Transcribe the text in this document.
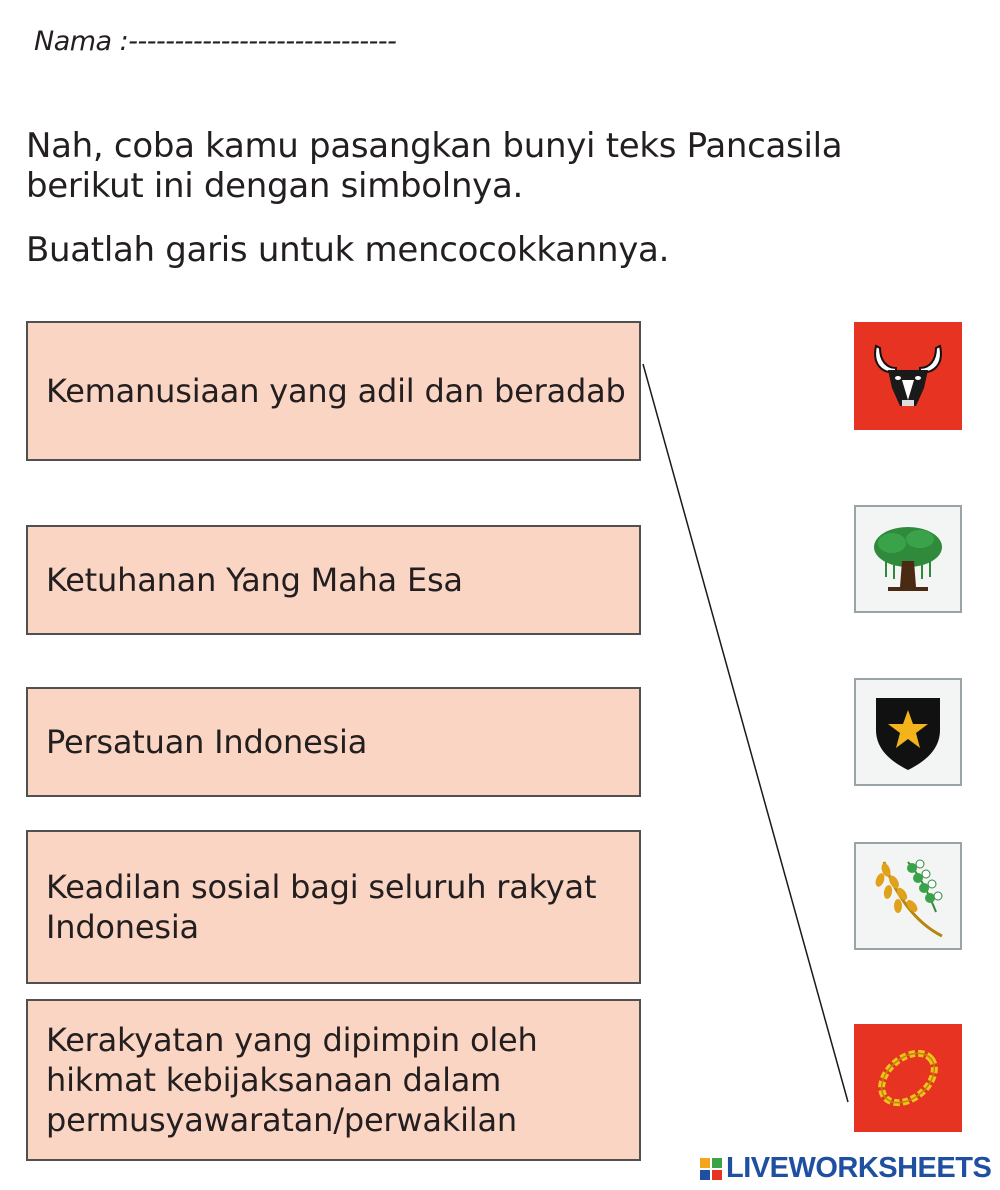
Nama :-----------------------------

Nah, coba kamu pasangkan bunyi teks Pancasila berikut ini dengan simbolnya.

Buatlah garis untuk mencocokkannya.

Kemanusiaan yang adil dan beradab
Ketuhanan Yang Maha Esa
Persatuan Indonesia
Keadilan sosial bagi seluruh rakyat Indonesia
Kerakyatan yang dipimpin oleh hikmat kebijaksanaan dalam permusyawaratan/perwakilan
LIVEWORKSHEETS
